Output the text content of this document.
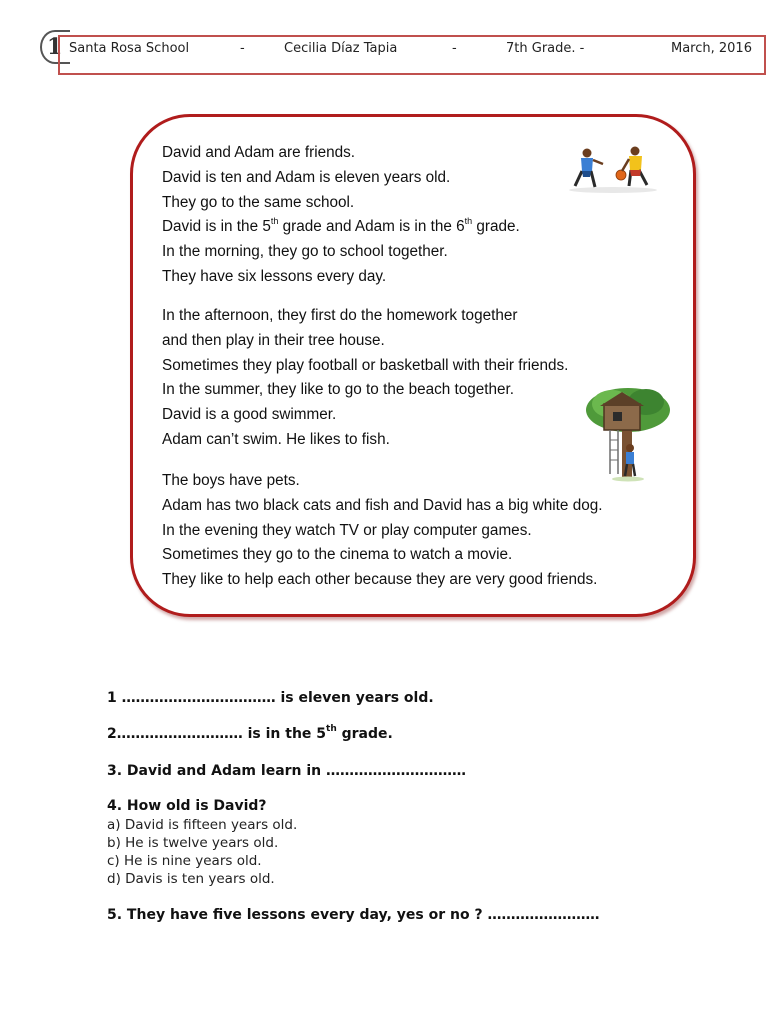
1 Santa Rosa School	-	Cecilia Díaz Tapia	-	7th Grade. -	March, 2016
David and Adam are friends.
David is ten and Adam is eleven years old.
They go to the same school.
David is in the 5th grade and Adam is in the 6th grade.
In the morning, they go to school together.
They have six lessons every day.
In the afternoon, they first do the homework together
and then play in their tree house.
Sometimes they play football or basketball with their friends.
In the summer, they like to go to the beach together.
David is a good swimmer.
Adam can’t swim. He likes to fish.
The boys have pets.
Adam has two black cats and fish and David has a big white dog.
In the evening they watch TV or play computer games.
Sometimes they go to the cinema to watch a movie.
They like to help each other because they are very good friends.
1 …………………………… is eleven years old.
2……………………… is in the 5th grade.
3. David and Adam learn in …………………………
4. How old is David?
a) David is fifteen years old.
b) He is twelve years old.
c) He is nine years old.
d) Davis is ten years old.
5. They have five lessons every day, yes or no ? ……………………
